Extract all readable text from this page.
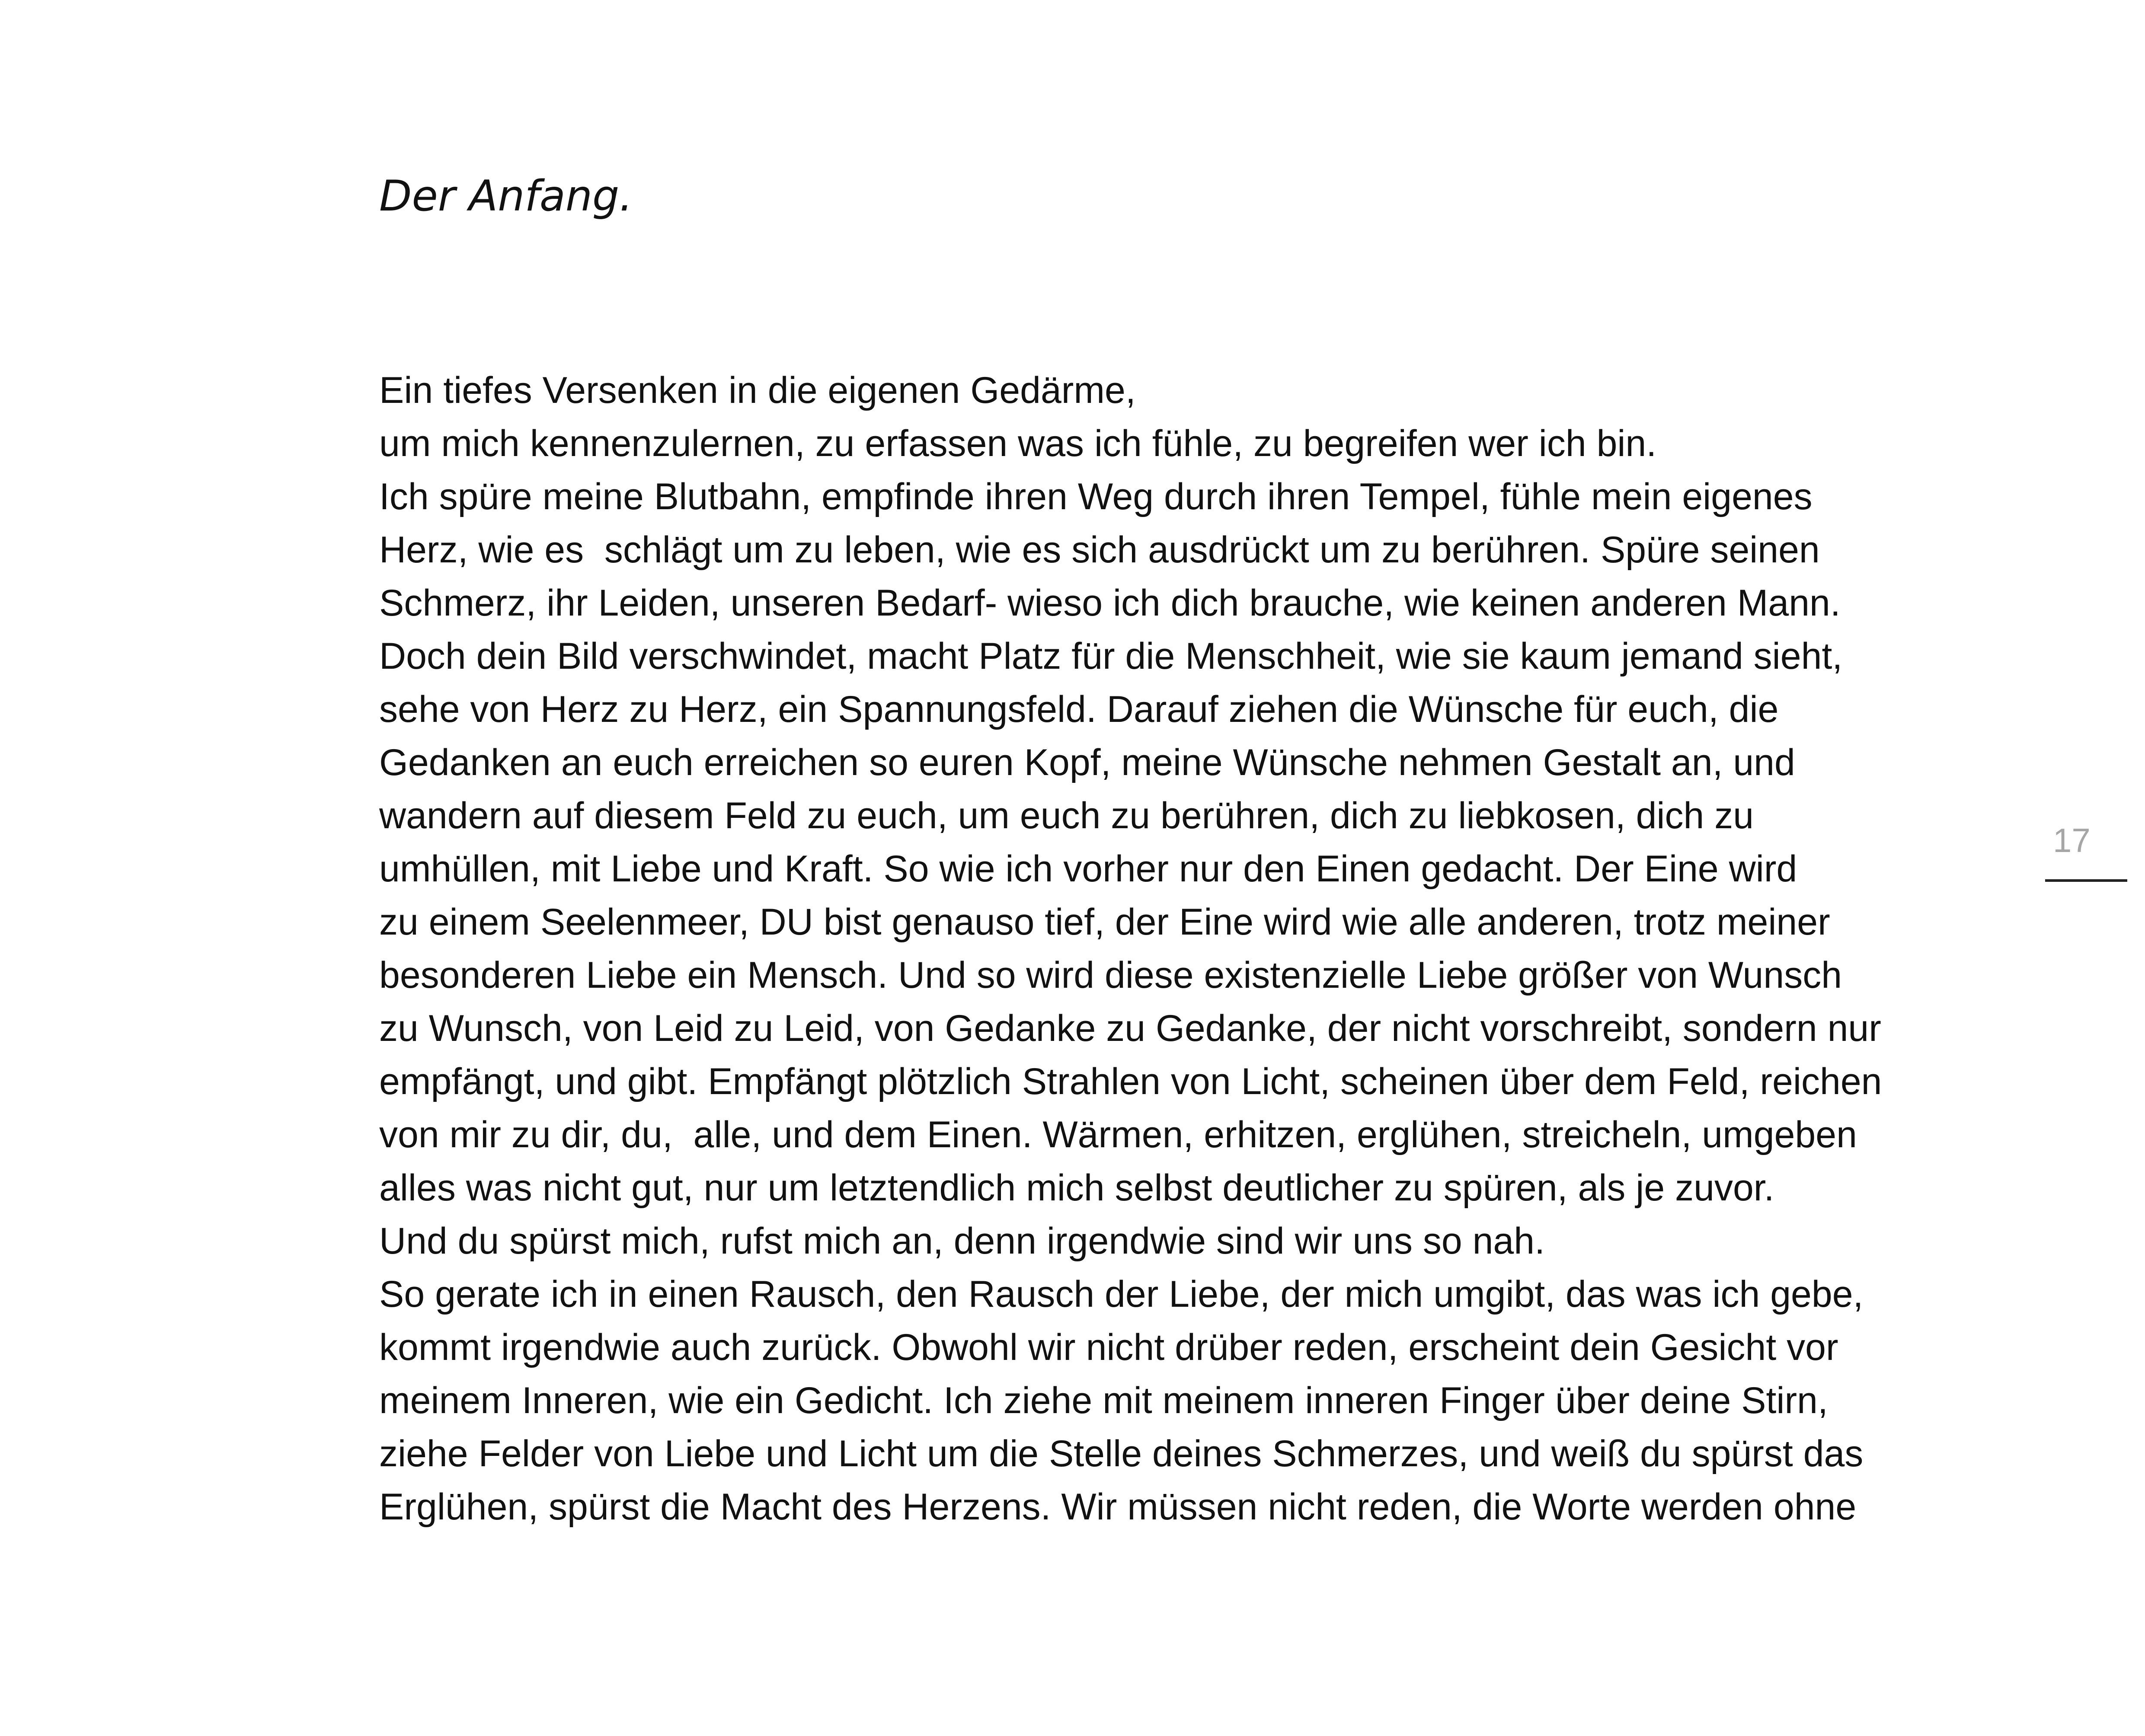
Der Anfang.
Ein tiefes Versenken in die eigenen Gedärme,
um mich kennenzulernen, zu erfassen was ich fühle, zu begreifen wer ich bin.
Ich spüre meine Blutbahn, empfinde ihren Weg durch ihren Tempel, fühle mein eigenes
Herz, wie es  schlägt um zu leben, wie es sich ausdrückt um zu berühren. Spüre seinen
Schmerz, ihr Leiden, unseren Bedarf- wieso ich dich brauche, wie keinen anderen Mann.
Doch dein Bild verschwindet, macht Platz für die Menschheit, wie sie kaum jemand sieht,
sehe von Herz zu Herz, ein Spannungsfeld. Darauf ziehen die Wünsche für euch, die
Gedanken an euch erreichen so euren Kopf, meine Wünsche nehmen Gestalt an, und
wandern auf diesem Feld zu euch, um euch zu berühren, dich zu liebkosen, dich zu
umhüllen, mit Liebe und Kraft. So wie ich vorher nur den Einen gedacht. Der Eine wird
zu einem Seelenmeer, DU bist genauso tief, der Eine wird wie alle anderen, trotz meiner
besonderen Liebe ein Mensch. Und so wird diese existenzielle Liebe größer von Wunsch
zu Wunsch, von Leid zu Leid, von Gedanke zu Gedanke, der nicht vorschreibt, sondern nur
empfängt, und gibt. Empfängt plötzlich Strahlen von Licht, scheinen über dem Feld, reichen
von mir zu dir, du,  alle, und dem Einen. Wärmen, erhitzen, erglühen, streicheln, umgeben
alles was nicht gut, nur um letztendlich mich selbst deutlicher zu spüren, als je zuvor.
Und du spürst mich, rufst mich an, denn irgendwie sind wir uns so nah.
So gerate ich in einen Rausch, den Rausch der Liebe, der mich umgibt, das was ich gebe,
kommt irgendwie auch zurück. Obwohl wir nicht drüber reden, erscheint dein Gesicht vor
meinem Inneren, wie ein Gedicht. Ich ziehe mit meinem inneren Finger über deine Stirn,
ziehe Felder von Liebe und Licht um die Stelle deines Schmerzes, und weiß du spürst das
Erglühen, spürst die Macht des Herzens. Wir müssen nicht reden, die Worte werden ohne
17
